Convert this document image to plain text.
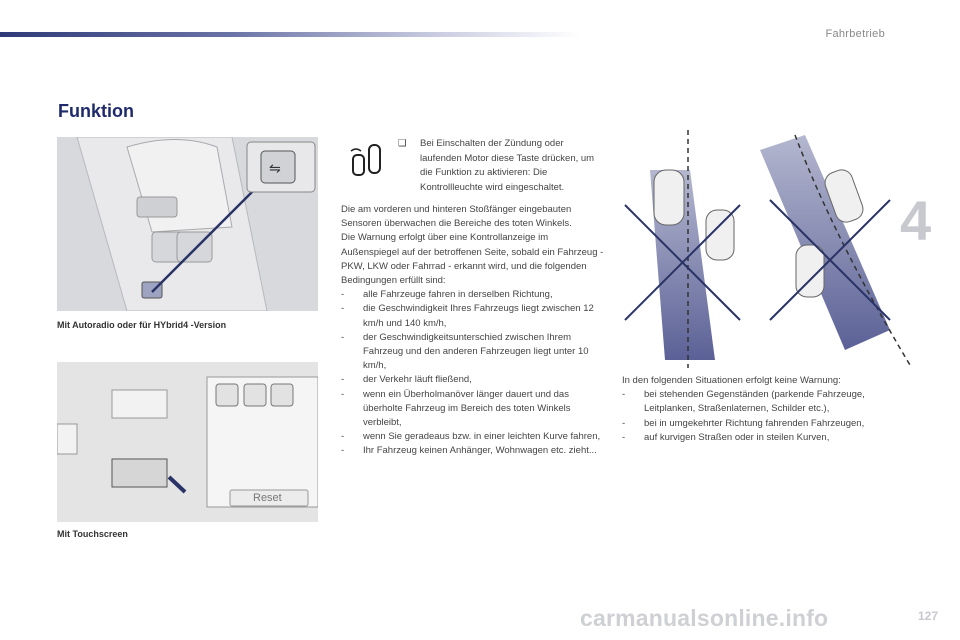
Fahrbetrieb
4
Funktion
⇋
Mit Autoradio oder für HYbrid4 -Version
Reset
Mit Touchscreen
❑	Bei Einschalten der Zündung oder laufenden Motor diese Taste drücken, um die Funktion zu aktivieren: Die Kontrollleuchte wird eingeschaltet.

Die am vorderen und hinteren Stoßfänger eingebauten Sensoren überwachen die Bereiche des toten Winkels.

Die Warnung erfolgt über eine Kontrollanzeige im Außenspiegel auf der betroffenen Seite, sobald ein Fahrzeug - PKW, LKW oder Fahrrad - erkannt wird, und die folgenden Bedingungen erfüllt sind:

-	alle Fahrzeuge fahren in derselben Richtung,
-	die Geschwindigkeit Ihres Fahrzeugs liegt zwischen 12 km/h und 140 km/h,
-	der Geschwindigkeitsunterschied zwischen Ihrem Fahrzeug und den anderen Fahrzeugen liegt unter 10 km/h,
-	der Verkehr läuft fließend,
-	wenn ein Überholmanöver länger dauert und das überholte Fahrzeug im Bereich des toten Winkels verbleibt,
-	wenn Sie geradeaus bzw. in einer leichten Kurve fahren,
-	Ihr Fahrzeug keinen Anhänger, Wohnwagen etc. zieht...

In den folgenden Situationen erfolgt keine Warnung:

-	bei stehenden Gegenständen (parkende Fahrzeuge, Leitplanken, Straßenlaternen, Schilder etc.),
-	bei in umgekehrter Richtung fahrenden Fahrzeugen,
-	auf kurvigen Straßen oder in steilen Kurven,
carmanualsonline.info	127
